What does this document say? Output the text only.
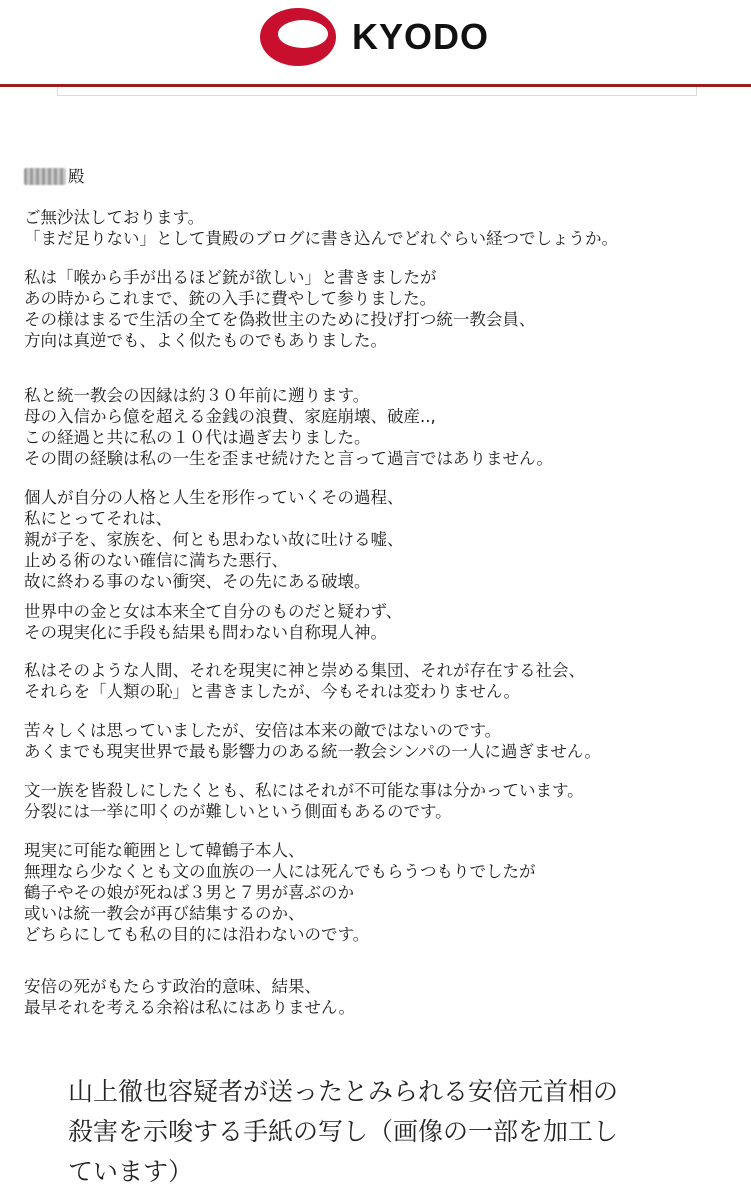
KYODO
殿
ご無沙汰しております。
「まだ足りない」として貴殿のブログに書き込んでどれぐらい経つでしょうか。
私は「喉から手が出るほど銃が欲しい」と書きましたが
あの時からこれまで、銃の入手に費やして参りました。
その様はまるで生活の全てを偽救世主のために投げ打つ統一教会員、
方向は真逆でも、よく似たものでもありました。
私と統一教会の因縁は約３０年前に遡ります。
母の入信から億を超える金銭の浪費、家庭崩壊、破産..,
この経過と共に私の１０代は過ぎ去りました。
その間の経験は私の一生を歪ませ続けたと言って過言ではありません。
個人が自分の人格と人生を形作っていくその過程、
私にとってそれは、
親が子を、家族を、何とも思わない故に吐ける嘘、
止める術のない確信に満ちた悪行、
故に終わる事のない衝突、その先にある破壊。
世界中の金と女は本来全て自分のものだと疑わず、
その現実化に手段も結果も問わない自称現人神。
私はそのような人間、それを現実に神と崇める集団、それが存在する社会、
それらを「人類の恥」と書きましたが、今もそれは変わりません。
苦々しくは思っていましたが、安倍は本来の敵ではないのです。
あくまでも現実世界で最も影響力のある統一教会シンパの一人に過ぎません。
文一族を皆殺しにしたくとも、私にはそれが不可能な事は分かっています。
分裂には一挙に叩くのが難しいという側面もあるのです。
現実に可能な範囲として韓鶴子本人、
無理なら少なくとも文の血族の一人には死んでもらうつもりでしたが
鶴子やその娘が死ねば３男と７男が喜ぶのか
或いは統一教会が再び結集するのか、
どちらにしても私の目的には沿わないのです。
安倍の死がもたらす政治的意味、結果、
最早それを考える余裕は私にはありません。
山上徹也容疑者が送ったとみられる安倍元首相の
殺害を示唆する手紙の写し（画像の一部を加工し
ています）
